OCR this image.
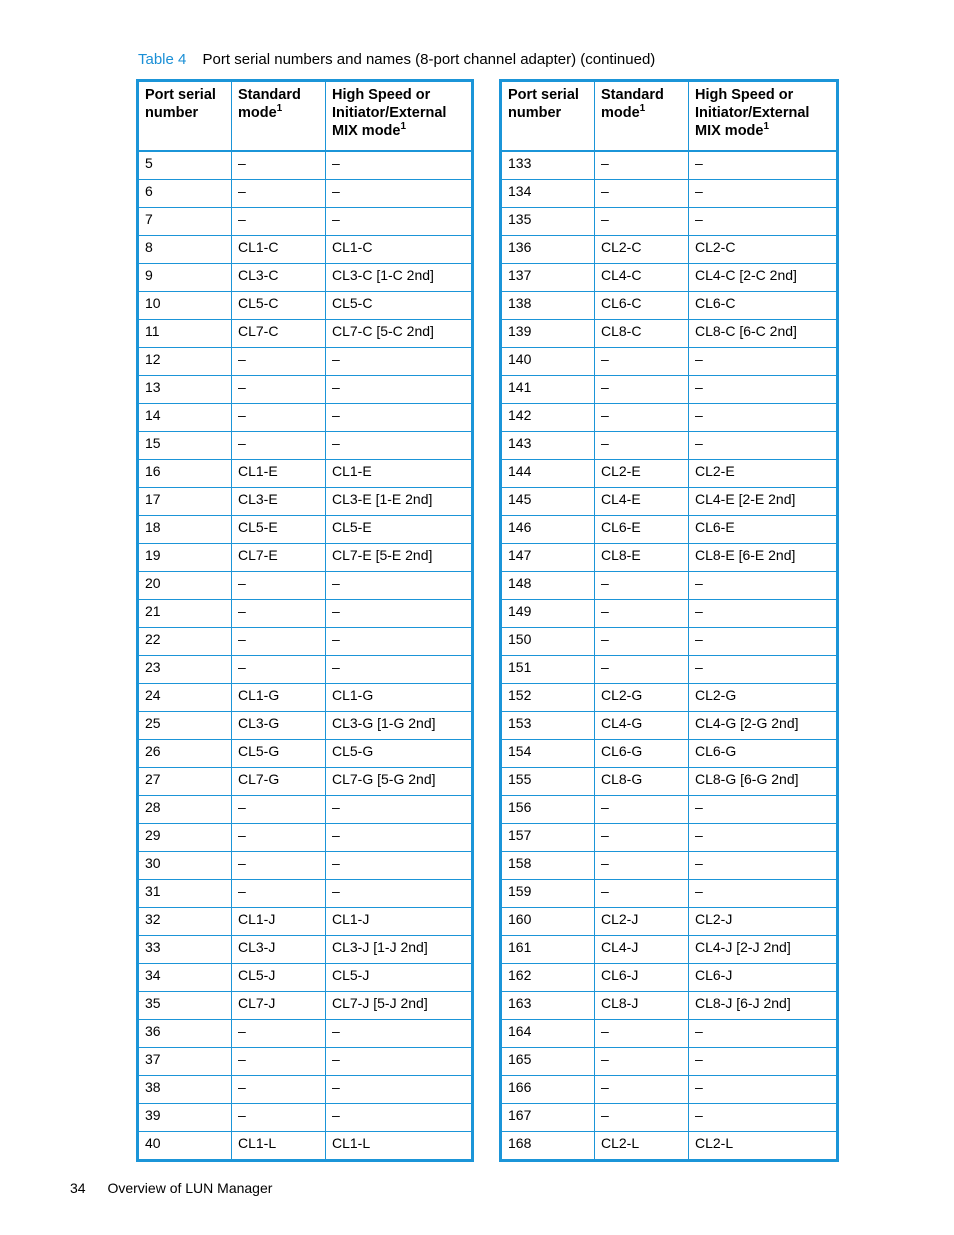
Table 4 Port serial numbers and names (8-port channel adapter) (continued)
Port serial number	Standard mode$^1$	High Speed or Initiator/External MIX mode$^1$
5	–	–
6	–	–
7	–	–
8	CL1-C	CL1-C
9	CL3-C	CL3-C [1-C 2nd]
10	CL5-C	CL5-C
11	CL7-C	CL7-C [5-C 2nd]
12	–	–
13	–	–
14	–	–
15	–	–
16	CL1-E	CL1-E
17	CL3-E	CL3-E [1-E 2nd]
18	CL5-E	CL5-E
19	CL7-E	CL7-E [5-E 2nd]
20	–	–
21	–	–
22	–	–
23	–	–
24	CL1-G	CL1-G
25	CL3-G	CL3-G [1-G 2nd]
26	CL5-G	CL5-G
27	CL7-G	CL7-G [5-G 2nd]
28	–	–
29	–	–
30	–	–
31	–	–
32	CL1-J	CL1-J
33	CL3-J	CL3-J [1-J 2nd]
34	CL5-J	CL5-J
35	CL7-J	CL7-J [5-J 2nd]
36	–	–
37	–	–
38	–	–
39	–	–
40	CL1-L	CL1-L
Port serial number	Standard mode$^1$	High Speed or Initiator/External MIX mode$^1$
133	–	–
134	–	–
135	–	–
136	CL2-C	CL2-C
137	CL4-C	CL4-C [2-C 2nd]
138	CL6-C	CL6-C
139	CL8-C	CL8-C [6-C 2nd]
140	–	–
141	–	–
142	–	–
143	–	–
144	CL2-E	CL2-E
145	CL4-E	CL4-E [2-E 2nd]
146	CL6-E	CL6-E
147	CL8-E	CL8-E [6-E 2nd]
148	–	–
149	–	–
150	–	–
151	–	–
152	CL2-G	CL2-G
153	CL4-G	CL4-G [2-G 2nd]
154	CL6-G	CL6-G
155	CL8-G	CL8-G [6-G 2nd]
156	–	–
157	–	–
158	–	–
159	–	–
160	CL2-J	CL2-J
161	CL4-J	CL4-J [2-J 2nd]
162	CL6-J	CL6-J
163	CL8-J	CL8-J [6-J 2nd]
164	–	–
165	–	–
166	–	–
167	–	–
168	CL2-L	CL2-L
34 Overview of LUN Manager
